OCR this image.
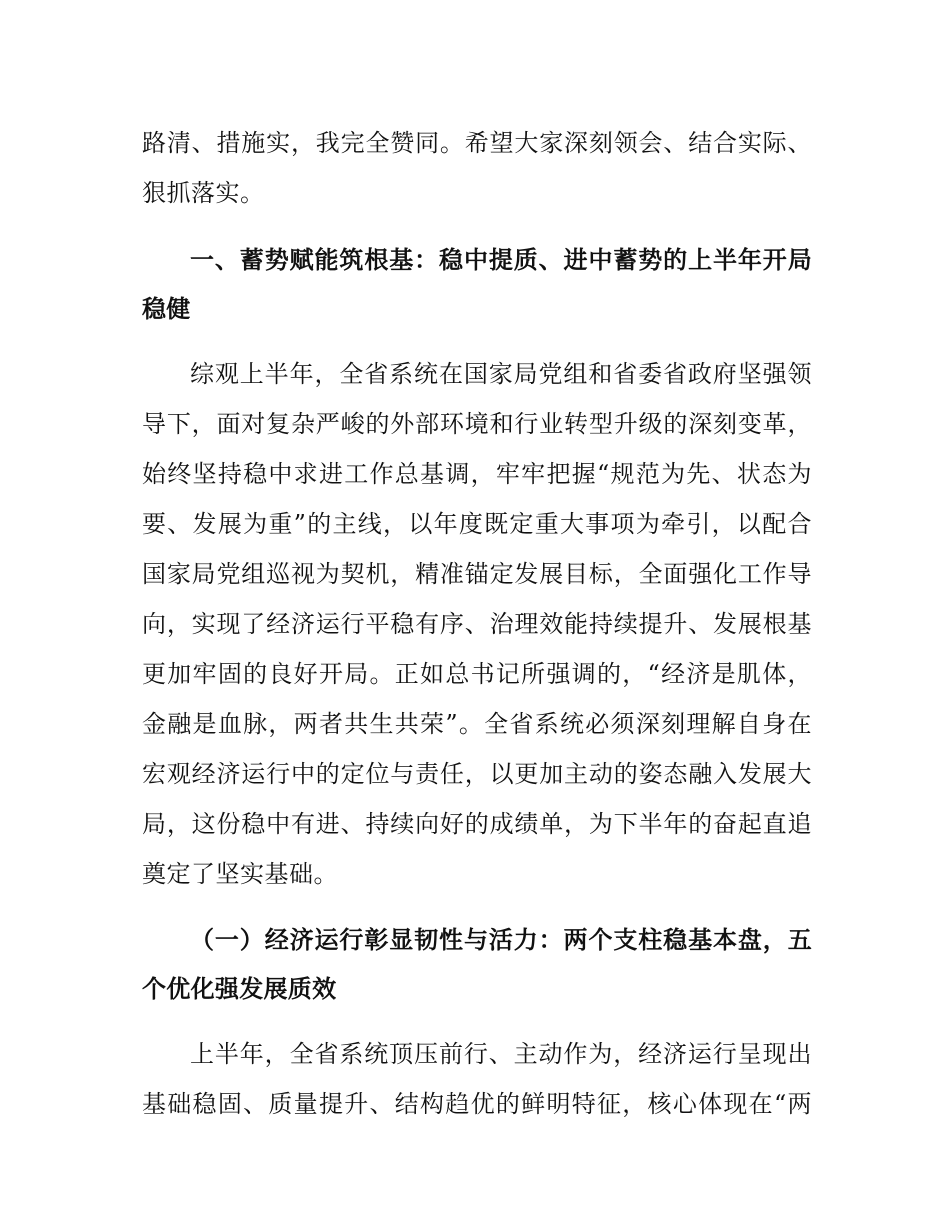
路清、措施实，我完全赞同。希望大家深刻领会、结合实际、
狠抓落实。
一、蓄势赋能筑根基：稳中提质、进中蓄势的上半年开局
稳健
综观上半年，全省系统在国家局党组和省委省政府坚强领
导下，面对复杂严峻的外部环境和行业转型升级的深刻变革，
始终坚持稳中求进工作总基调，牢牢把握“规范为先、状态为
要、发展为重”的主线，以年度既定重大事项为牵引，以配合
国家局党组巡视为契机，精准锚定发展目标，全面强化工作导
向，实现了经济运行平稳有序、治理效能持续提升、发展根基
更加牢固的良好开局。正如总书记所强调的，“经济是肌体，
金融是血脉，两者共生共荣”。全省系统必须深刻理解自身在
宏观经济运行中的定位与责任，以更加主动的姿态融入发展大
局，这份稳中有进、持续向好的成绩单，为下半年的奋起直追
奠定了坚实基础。
（一）经济运行彰显韧性与活力：两个支柱稳基本盘，五
个优化强发展质效
上半年，全省系统顶压前行、主动作为，经济运行呈现出
基础稳固、质量提升、结构趋优的鲜明特征，核心体现在“两
